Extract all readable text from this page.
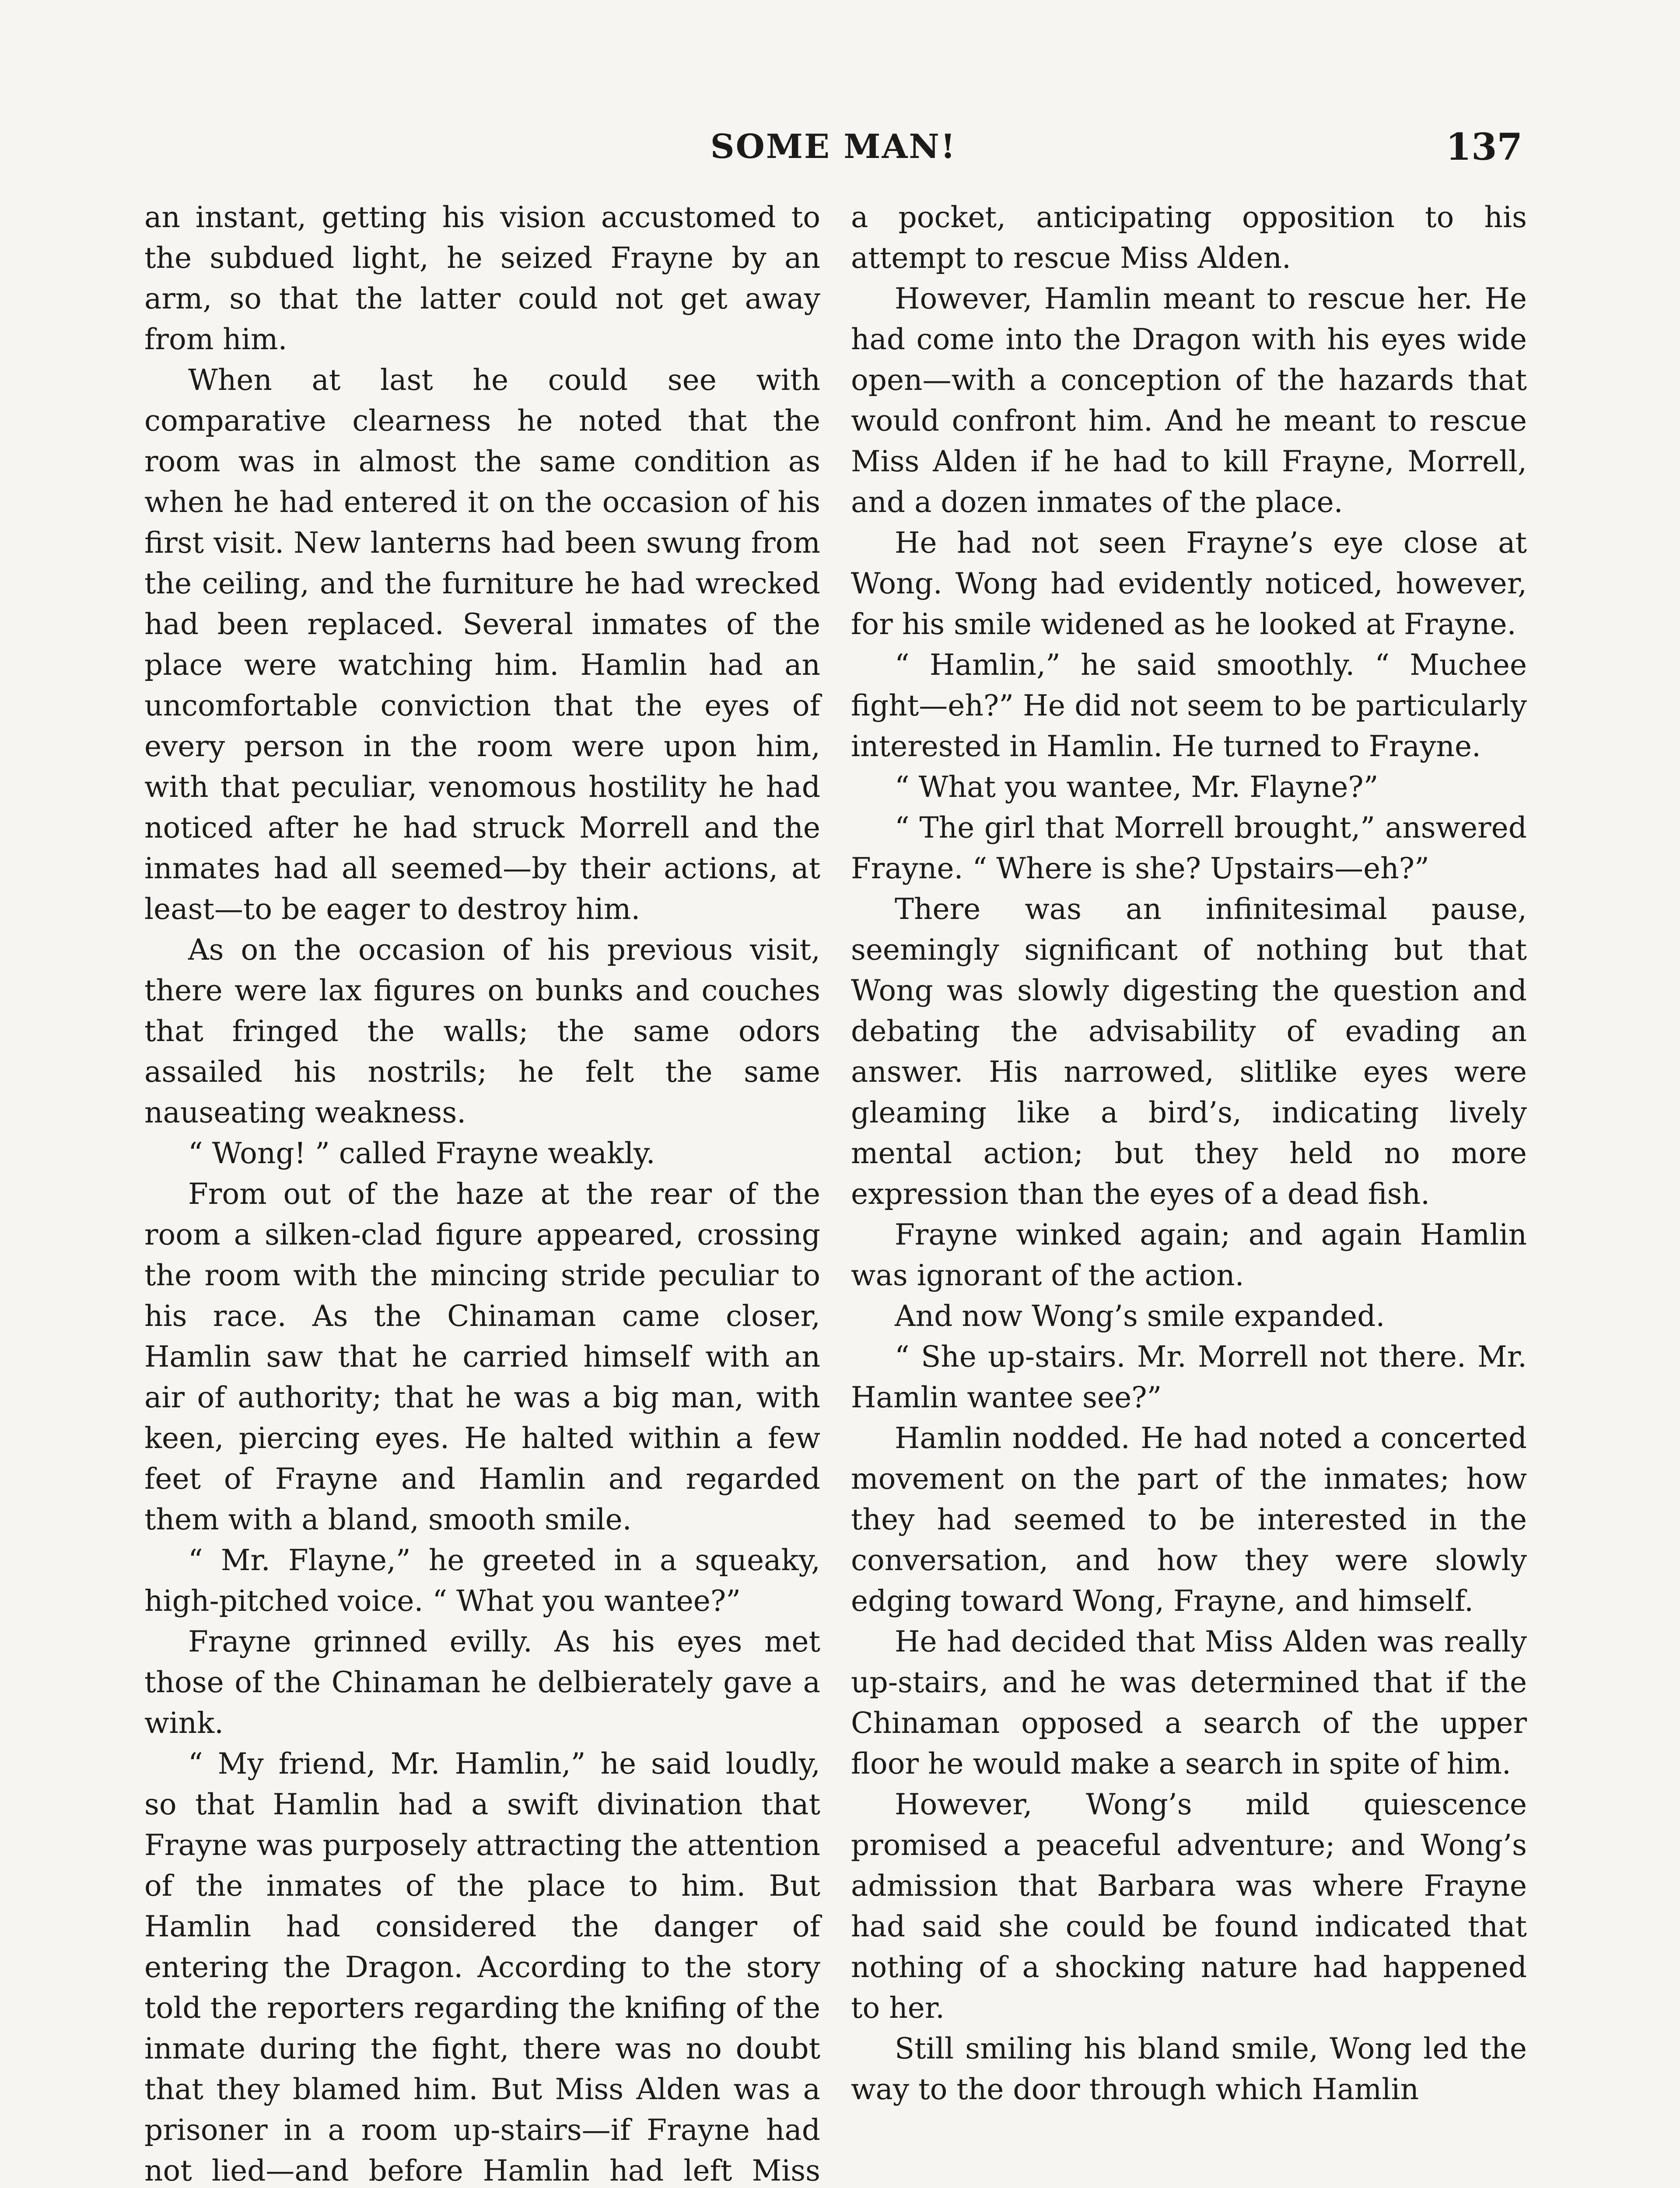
SOME MAN!	137

an instant, getting his vision accustomed to the subdued light, he seized Frayne by an arm, so that the latter could not get away from him.

When at last he could see with comparative clearness he noted that the room was in almost the same condition as when he had entered it on the occasion of his first visit. New lanterns had been swung from the ceiling, and the furniture he had wrecked had been replaced. Several inmates of the place were watching him. Hamlin had an uncomfortable conviction that the eyes of every person in the room were upon him, with that peculiar, venomous hostility he had noticed after he had struck Morrell and the inmates had all seemed—by their actions, at least—to be eager to destroy him.

As on the occasion of his previous visit, there were lax figures on bunks and couches that fringed the walls; the same odors assailed his nostrils; he felt the same nauseating weakness.

“ Wong! ” called Frayne weakly.

From out of the haze at the rear of the room a silken-clad figure appeared, crossing the room with the mincing stride peculiar to his race. As the Chinaman came closer, Hamlin saw that he carried himself with an air of authority; that he was a big man, with keen, piercing eyes. He halted within a few feet of Frayne and Hamlin and regarded them with a bland, smooth smile.

“ Mr. Flayne,” he greeted in a squeaky, high-pitched voice. “ What you wantee?”

Frayne grinned evilly. As his eyes met those of the Chinaman he delbierately gave a wink.

“ My friend, Mr. Hamlin,” he said loudly, so that Hamlin had a swift divination that Frayne was purposely attracting the attention of the inmates of the place to him. But Hamlin had considered the danger of entering the Dragon. According to the story told the reporters regarding the knifing of the inmate during the fight, there was no doubt that they blamed him. But Miss Alden was a prisoner in a room up-stairs—if Frayne had not lied—and before Hamlin had left Miss

a pocket, anticipating opposition to his attempt to rescue Miss Alden.

However, Hamlin meant to rescue her. He had come into the Dragon with his eyes wide open—with a conception of the hazards that would confront him. And he meant to rescue Miss Alden if he had to kill Frayne, Morrell, and a dozen inmates of the place.

He had not seen Frayne’s eye close at Wong. Wong had evidently noticed, however, for his smile widened as he looked at Frayne.

“ Hamlin,” he said smoothly. “ Muchee fight—eh?” He did not seem to be particularly interested in Hamlin. He turned to Frayne.

“ What you wantee, Mr. Flayne?”

“ The girl that Morrell brought,” answered Frayne. “ Where is she? Upstairs—eh?”

There was an infinitesimal pause, seemingly significant of nothing but that Wong was slowly digesting the question and debating the advisability of evading an answer. His narrowed, slitlike eyes were gleaming like a bird’s, indicating lively mental action; but they held no more expression than the eyes of a dead fish.

Frayne winked again; and again Hamlin was ignorant of the action.

And now Wong’s smile expanded.

“ She up-stairs. Mr. Morrell not there. Mr. Hamlin wantee see?”

Hamlin nodded. He had noted a concerted movement on the part of the inmates; how they had seemed to be interested in the conversation, and how they were slowly edging toward Wong, Frayne, and himself.

He had decided that Miss Alden was really up-stairs, and he was determined that if the Chinaman opposed a search of the upper floor he would make a search in spite of him.

However, Wong’s mild quiescence promised a peaceful adventure; and Wong’s admission that Barbara was where Frayne had said she could be found indicated that nothing of a shocking nature had happened to her.

Still smiling his bland smile, Wong led the way to the door through which Hamlin
